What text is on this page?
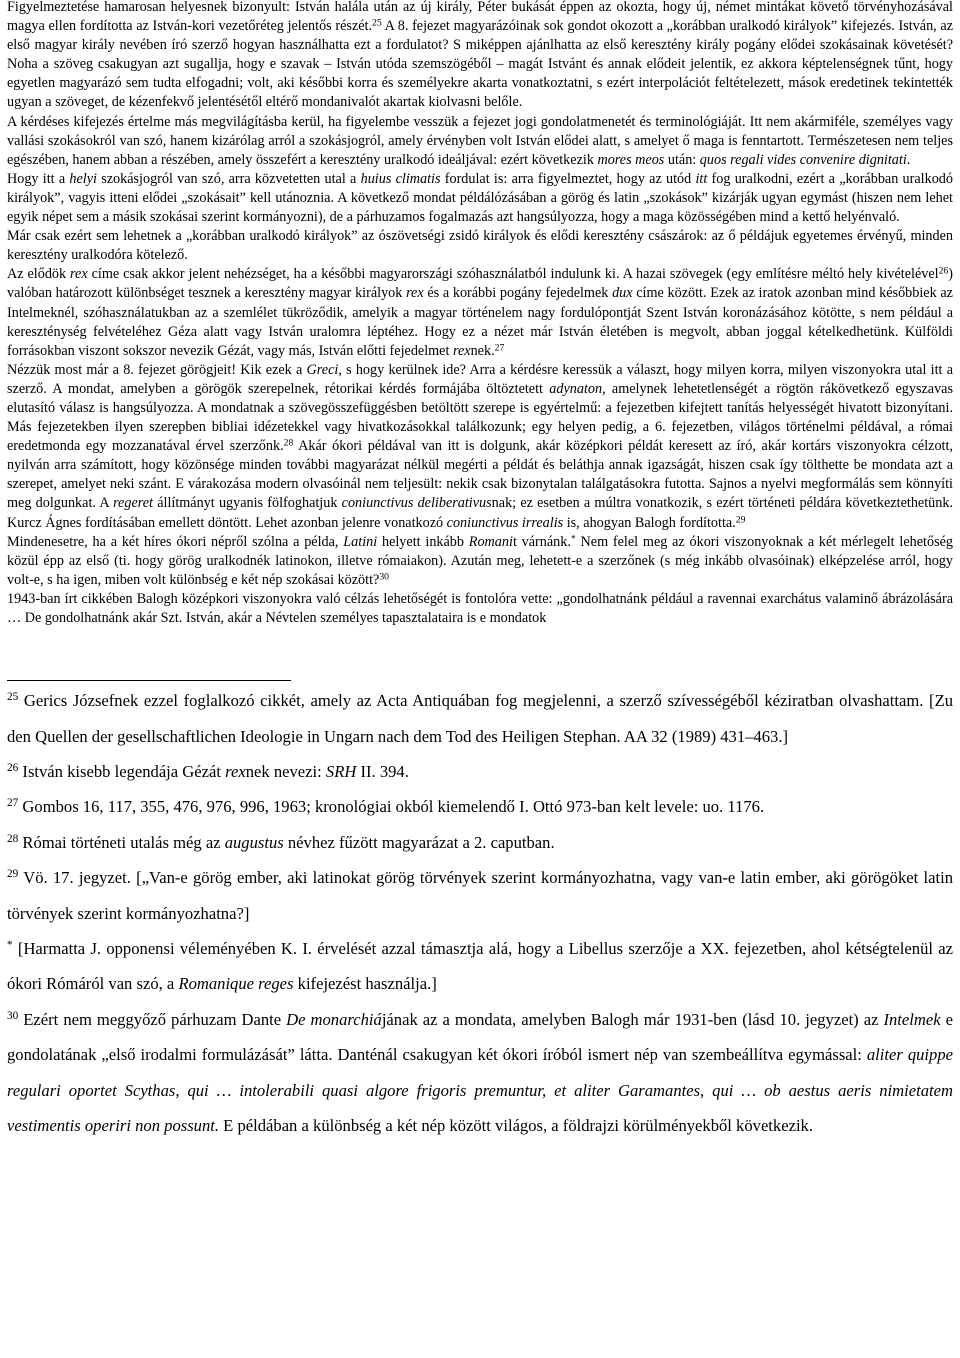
Figyelmeztetése hamarosan helyesnek bizonyult: István halála után az új király, Péter bukását éppen az okozta, hogy új, német mintákat követő törvényhozásával magya ellen fordította az István-kori vezetőréteg jelentős részét.$^{25}$ A 8. fejezet magyarázóinak sok gondot okozott a „korábban uralkodó királyok” kifejezés. István, az első magyar király nevében író szerző hogyan használhatta ezt a fordulatot? S miképpen ajánlhatta az első keresztény király pogány elődei szokásainak követését? Noha a szöveg csakugyan azt sugallja, hogy e szavak – István utóda szemszögéből – magát Istvánt és annak elődeit jelentik, ez akkora képtelenségnek tűnt, hogy egyetlen magyarázó sem tudta elfogadni; volt, aki későbbi korra és személyekre akarta vonatkoztatni, s ezért interpolációt feltételezett, mások eredetinek tekintették ugyan a szöveget, de kézenfekvő jelentésétől eltérő mondanivalót akartak kiolvasni belőle.

A kérdéses kifejezés értelme más megvilágításba kerül, ha figyelembe vesszük a fejezet jogi gondolatmenetét és terminológiáját. Itt nem akármiféle, személyes vagy vallási szokásokról van szó, hanem kizárólag arról a szokásjogról, amely érvényben volt István elődei alatt, s amelyet ő maga is fenntartott. Természetesen nem teljes egészében, hanem abban a részében, amely összefért a keresztény uralkodó ideáljával: ezért következik mores meos után: quos regali vides convenire dignitati.

Hogy itt a helyi szokásjogról van szó, arra közvetetten utal a huius climatis fordulat is: arra figyelmeztet, hogy az utód itt fog uralkodni, ezért a „korábban uralkodó királyok”, vagyis itteni elődei „szokásait” kell utánoznia. A következő mondat példálózásában a görög és latin „szokások” kizárják ugyan egymást (hiszen nem lehet egyik népet sem a másik szokásai szerint kormányozni), de a párhuzamos fogalmazás azt hangsúlyozza, hogy a maga közösségében mind a kettő helyénvaló.

Már csak ezért sem lehetnek a „korábban uralkodó királyok” az ószövetségi zsidó királyok és elődi keresztény császárok: az ő példájuk egyetemes érvényű, minden keresztény uralkodóra kötelező.

Az elődök rex címe csak akkor jelent nehézséget, ha a későbbi magyarországi szóhasználatból indulunk ki. A hazai szövegek (egy említésre méltó hely kivételével$^{26}$) valóban határozott különbséget tesznek a keresztény magyar királyok rex és a korábbi pogány fejedelmek dux címe között. Ezek az iratok azonban mind későbbiek az Intelmeknél, szóhasználatukban az a szemlélet tükröződik, amelyik a magyar történelem nagy fordulópontját Szent István koronázásához kötötte, s nem például a kereszténység felvételéhez Géza alatt vagy István uralomra léptéhez. Hogy ez a nézet már István életében is megvolt, abban joggal kételkedhetünk. Külföldi forrásokban viszont sokszor nevezik Gézát, vagy más, István előtti fejedelmet rexnek.$^{27}$

Nézzük most már a 8. fejezet görögjeit! Kik ezek a Greci, s hogy kerülnek ide? Arra a kérdésre keressük a választ, hogy milyen korra, milyen viszonyokra utal itt a szerző. A mondat, amelyben a görögök szerepelnek, rétorikai kérdés formájába öltöztetett adynaton, amelynek lehetetlenségét a rögtön rákövetkező egyszavas elutasító válasz is hangsúlyozza. A mondatnak a szövegösszefüggésben betöltött szerepe is egyértelmű: a fejezetben kifejtett tanítás helyességét hivatott bizonyítani. Más fejezetekben ilyen szerepben bibliai idézetekkel vagy hivatkozásokkal találkozunk; egy helyen pedig, a 6. fejezetben, világos történelmi példával, a római eredetmonda egy mozzanatával érvel szerzőnk.$^{28}$ Akár ókori példával van itt is dolgunk, akár középkori példát keresett az író, akár kortárs viszonyokra célzott, nyilván arra számított, hogy közönsége minden további magyarázat nélkül megérti a példát és beláthja annak igazságát, hiszen csak így tölthette be mondata azt a szerepet, amelyet neki szánt. E várakozása modern olvasóinál nem teljesült: nekik csak bizonytalan találgatásokra futotta. Sajnos a nyelvi megformálás sem könnyíti meg dolgunkat. A regeret állítmányt ugyanis fölfoghatjuk coniunctivus deliberativusnak; ez esetben a múltra vonatkozik, s ezért történeti példára következtethetünk. Kurcz Ágnes fordításában emellett döntött. Lehet azonban jelenre vonatkozó coniunctivus irrealis is, ahogyan Balogh fordította.$^{29}$

Mindenesetre, ha a két híres ókori népről szólna a példa, Latini helyett inkább Romanit várnánk.* Nem felel meg az ókori viszonyoknak a két mérlegelt lehetőség közül épp az első (ti. hogy görög uralkodnék latinokon, illetve rómaiakon). Azután meg, lehetett-e a szerzőnek (s még inkább olvasóinak) elképzelése arról, hogy volt-e, s ha igen, miben volt különbség e két nép szokásai között?$^{30}$

1943-ban írt cikkében Balogh középkori viszonyokra való célzás lehetőségét is fontolóra vette: „gondolhatnánk például a ravennai exarchátus valaminő ábrázolására … De gondolhatnánk akár Szt. István, akár a Névtelen személyes tapasztalataira is e mondatok

$^{25}$ Gerics Józsefnek ezzel foglalkozó cikkét, amely az Acta Antiquában fog megjelenni, a szerző szívességéből kéziratban olvashattam. [Zu den Quellen der gesellschaftlichen Ideologie in Ungarn nach dem Tod des Heiligen Stephan. AA 32 (1989) 431–463.]

$^{26}$ István kisebb legendája Gézát rexnek nevezi: SRH II. 394.

$^{27}$ Gombos 16, 117, 355, 476, 976, 996, 1963; kronológiai okból kiemelendő I. Ottó 973-ban kelt levele: uo. 1176.

$^{28}$ Római történeti utalás még az augustus névhez fűzött magyarázat a 2. caputban.

$^{29}$ Vö. 17. jegyzet. [„Van-e görög ember, aki latinokat görög törvények szerint kormányozhatna, vagy van-e latin ember, aki görögöket latin törvények szerint kormányozhatna?]

* [Harmatta J. opponensi véleményében K. I. érvelését azzal támasztja alá, hogy a Libellus szerzője a XX. fejezetben, ahol kétségtelenül az ókori Rómáról van szó, a Romanique reges kifejezést használja.]

$^{30}$ Ezért nem meggyőző párhuzam Dante De monarchiájának az a mondata, amelyben Balogh már 1931-ben (lásd 10. jegyzet) az Intelmek e gondolatának „első irodalmi formulázását” látta. Danténál csakugyan két ókori íróból ismert nép van szembeállítva egymással: aliter quippe regulari oportet Scythas, qui … intolerabili quasi algore frigoris premuntur, et aliter Garamantes, qui … ob aestus aeris nimietatem vestimentis operiri non possunt. E példában a különbség a két nép között világos, a földrajzi körülményekből következik.
